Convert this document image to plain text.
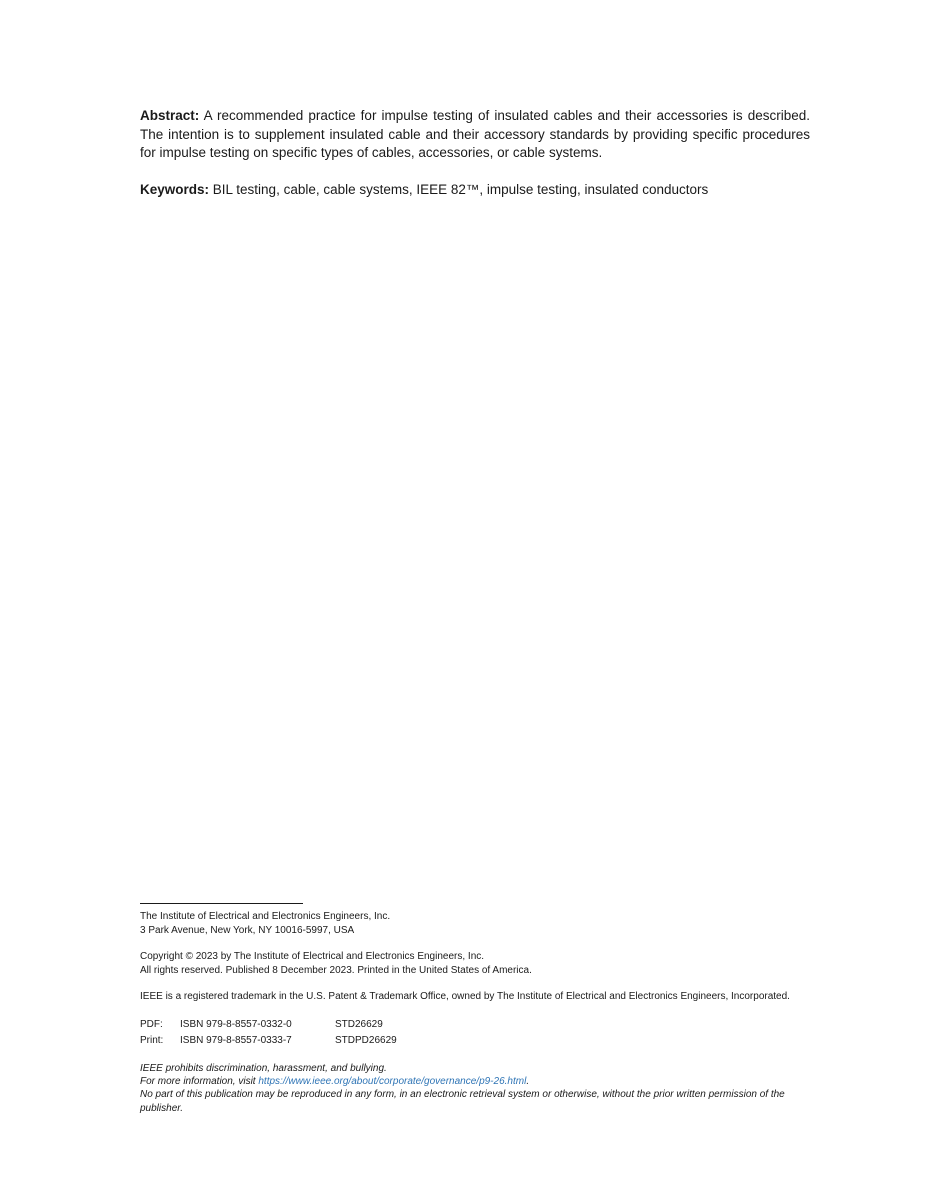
Abstract: A recommended practice for impulse testing of insulated cables and their accessories is described. The intention is to supplement insulated cable and their accessory standards by providing specific procedures for impulse testing on specific types of cables, accessories, or cable systems.

Keywords: BIL testing, cable, cable systems, IEEE 82™, impulse testing, insulated conductors

The Institute of Electrical and Electronics Engineers, Inc.
3 Park Avenue, New York, NY 10016-5997, USA
Copyright © 2023 by The Institute of Electrical and Electronics Engineers, Inc.
All rights reserved. Published 8 December 2023. Printed in the United States of America.
IEEE is a registered trademark in the U.S. Patent & Trademark Office, owned by The Institute of Electrical and Electronics Engineers, Incorporated.
PDF:	ISBN 979-8-8557-0332-0	STD26629
Print:	ISBN 979-8-8557-0333-7	STDPD26629
IEEE prohibits discrimination, harassment, and bullying.
For more information, visit https://www.ieee.org/about/corporate/governance/p9-26.html.
No part of this publication may be reproduced in any form, in an electronic retrieval system or otherwise, without the prior written permission of the publisher.
